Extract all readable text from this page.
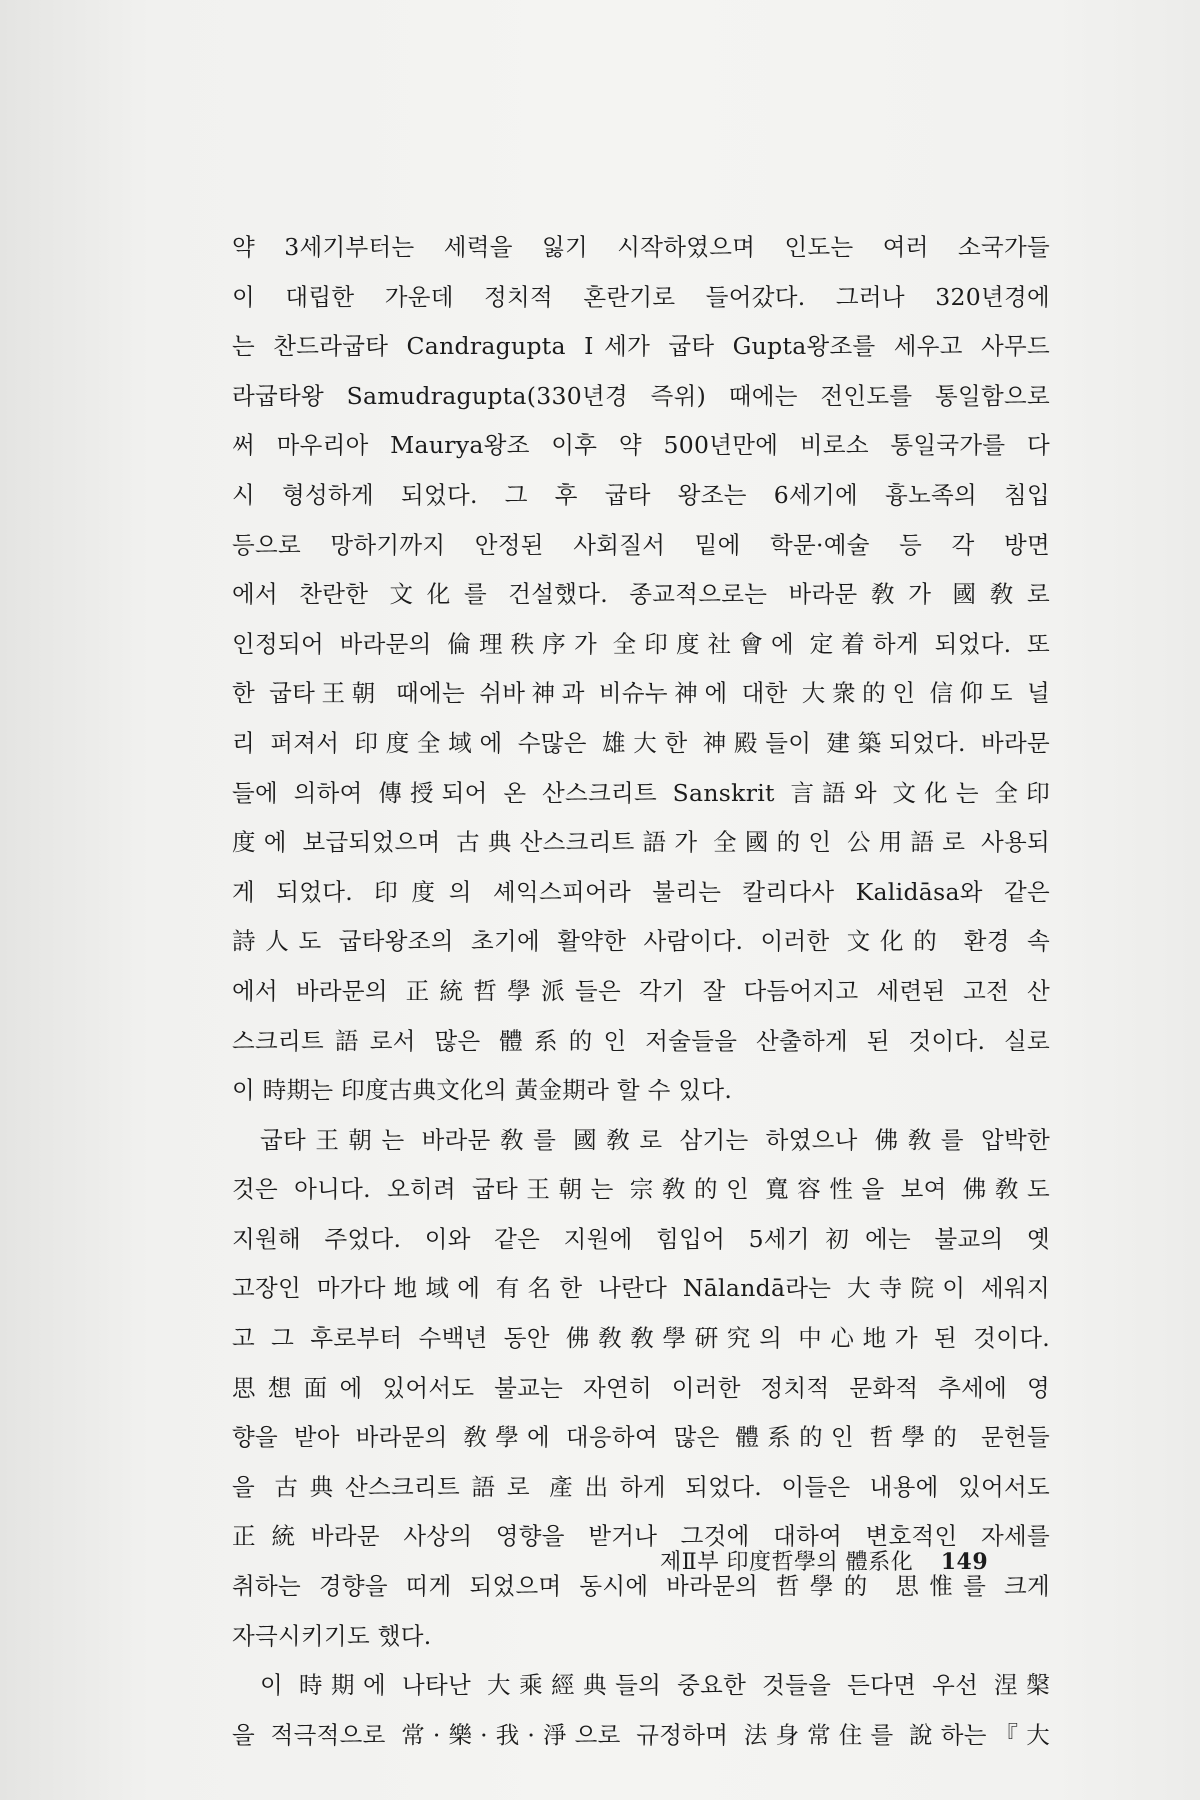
약 3세기부터는 세력을 잃기 시작하였으며 인도는 여러 소국가들
이 대립한 가운데 정치적 혼란기로 들어갔다. 그러나 320년경에
는 찬드라굽타 Candragupta Ⅰ세가 굽타 Gupta왕조를 세우고 사무드
라굽타왕 Samudragupta(330년경 즉위) 때에는 전인도를 통일함으로
써 마우리아 Maurya왕조 이후 약 500년만에 비로소 통일국가를 다
시 형성하게 되었다. 그 후 굽타 왕조는 6세기에 흉노족의 침입
등으로 망하기까지 안정된 사회질서 밑에 학문·예술 등 각 방면
에서 찬란한 文化를 건설했다. 종교적으로는 바라문敎가 國敎로
인정되어 바라문의 倫理秩序가 全印度社會에 定着하게 되었다. 또
한 굽타王朝 때에는 쉬바神과 비슈누神에 대한 大衆的인 信仰도 널
리 퍼져서 印度全域에 수많은 雄大한 神殿들이 建築되었다. 바라문
들에 의하여 傳授되어 온 산스크리트 Sanskrit 言語와 文化는 全印
度에 보급되었으며 古典산스크리트語가 全國的인 公用語로 사용되
게 되었다. 印度의 셰익스피어라 불리는 칼리다사 Kalidāsa와 같은
詩人도 굽타왕조의 초기에 활약한 사람이다. 이러한 文化的 환경 속
에서 바라문의 正統哲學派들은 각기 잘 다듬어지고 세련된 고전 산
스크리트語로서 많은 體系的인 저술들을 산출하게 된 것이다. 실로
이 時期는 印度古典文化의 黃金期라 할 수 있다.
굽타王朝는 바라문敎를 國敎로 삼기는 하였으나 佛敎를 압박한
것은 아니다. 오히려 굽타王朝는 宗敎的인 寬容性을 보여 佛敎도
지원해 주었다. 이와 같은 지원에 힘입어 5세기初에는 불교의 옛
고장인 마가다地域에 有名한 나란다 Nālandā라는 大寺院이 세워지
고 그 후로부터 수백년 동안 佛敎敎學硏究의 中心地가 된 것이다.
思想面에 있어서도 불교는 자연히 이러한 정치적 문화적 추세에 영
향을 받아 바라문의 敎學에 대응하여 많은 體系的인 哲學的 문헌들
을 古典산스크리트語로 產出하게 되었다. 이들은 내용에 있어서도
正統바라문 사상의 영향을 받거나 그것에 대하여 변호적인 자세를
취하는 경향을 띠게 되었으며 동시에 바라문의 哲學的 思惟를 크게
자극시키기도 했다.
이 時期에 나타난 大乘經典들의 중요한 것들을 든다면 우선 涅槃
을 적극적으로 常·樂·我·淨으로 규정하며 法身常住를 說하는『大
제Ⅱ부 印度哲學의 體系化 149
